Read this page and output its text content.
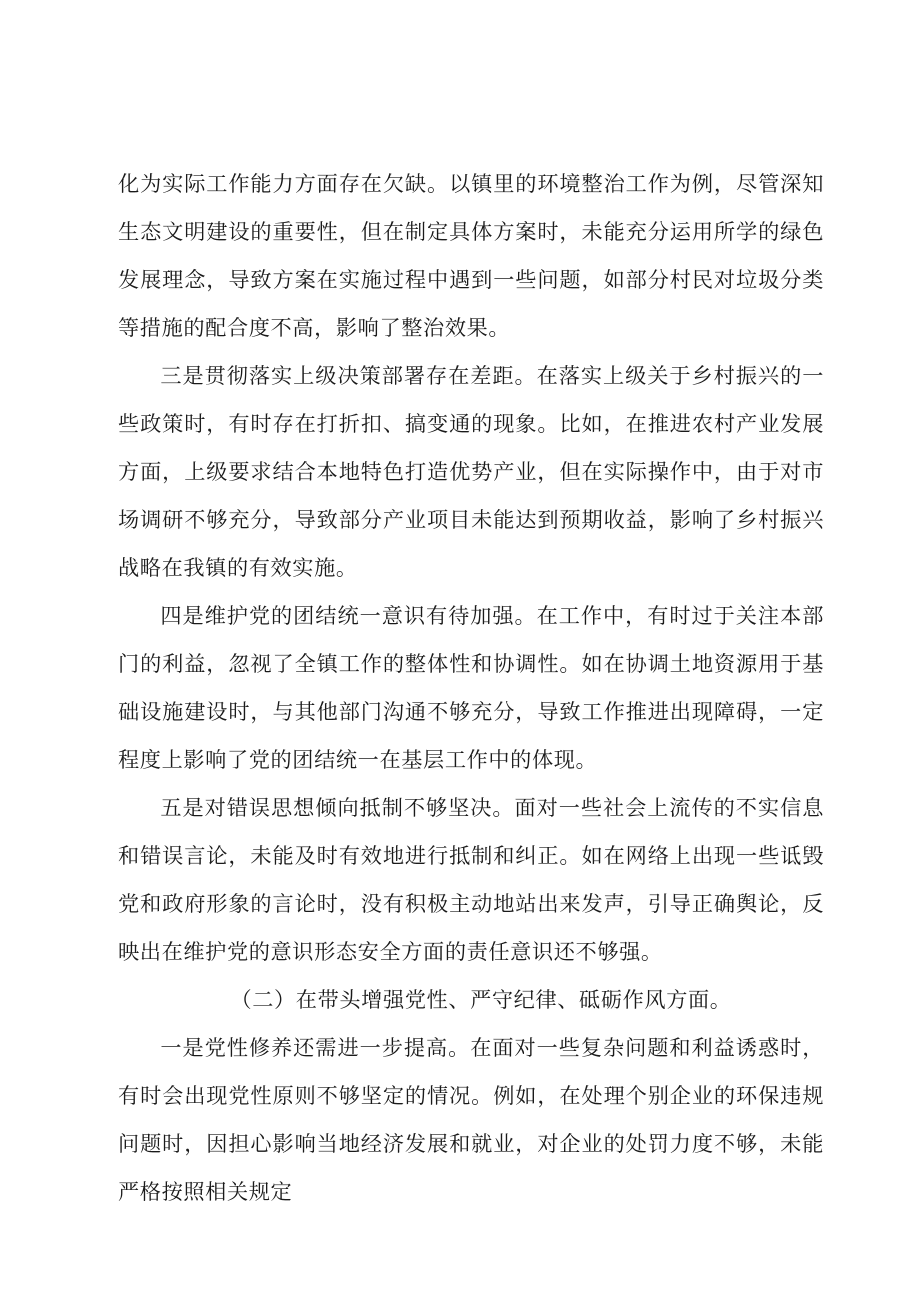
化为实际工作能力方面存在欠缺。以镇里的环境整治工作为例，尽管深知生态文明建设的重要性，但在制定具体方案时，未能充分运用所学的绿色发展理念，导致方案在实施过程中遇到一些问题，如部分村民对垃圾分类等措施的配合度不高，影响了整治效果。

三是贯彻落实上级决策部署存在差距。在落实上级关于乡村振兴的一些政策时，有时存在打折扣、搞变通的现象。比如，在推进农村产业发展方面，上级要求结合本地特色打造优势产业，但在实际操作中，由于对市场调研不够充分，导致部分产业项目未能达到预期收益，影响了乡村振兴战略在我镇的有效实施。

四是维护党的团结统一意识有待加强。在工作中，有时过于关注本部门的利益，忽视了全镇工作的整体性和协调性。如在协调土地资源用于基础设施建设时，与其他部门沟通不够充分，导致工作推进出现障碍，一定程度上影响了党的团结统一在基层工作中的体现。

五是对错误思想倾向抵制不够坚决。面对一些社会上流传的不实信息和错误言论，未能及时有效地进行抵制和纠正。如在网络上出现一些诋毁党和政府形象的言论时，没有积极主动地站出来发声，引导正确舆论，反映出在维护党的意识形态安全方面的责任意识还不够强。

（二）在带头增强党性、严守纪律、砥砺作风方面。

一是党性修养还需进一步提高。在面对一些复杂问题和利益诱惑时，有时会出现党性原则不够坚定的情况。例如，在处理个别企业的环保违规问题时，因担心影响当地经济发展和就业，对企业的处罚力度不够，未能严格按照相关规定
